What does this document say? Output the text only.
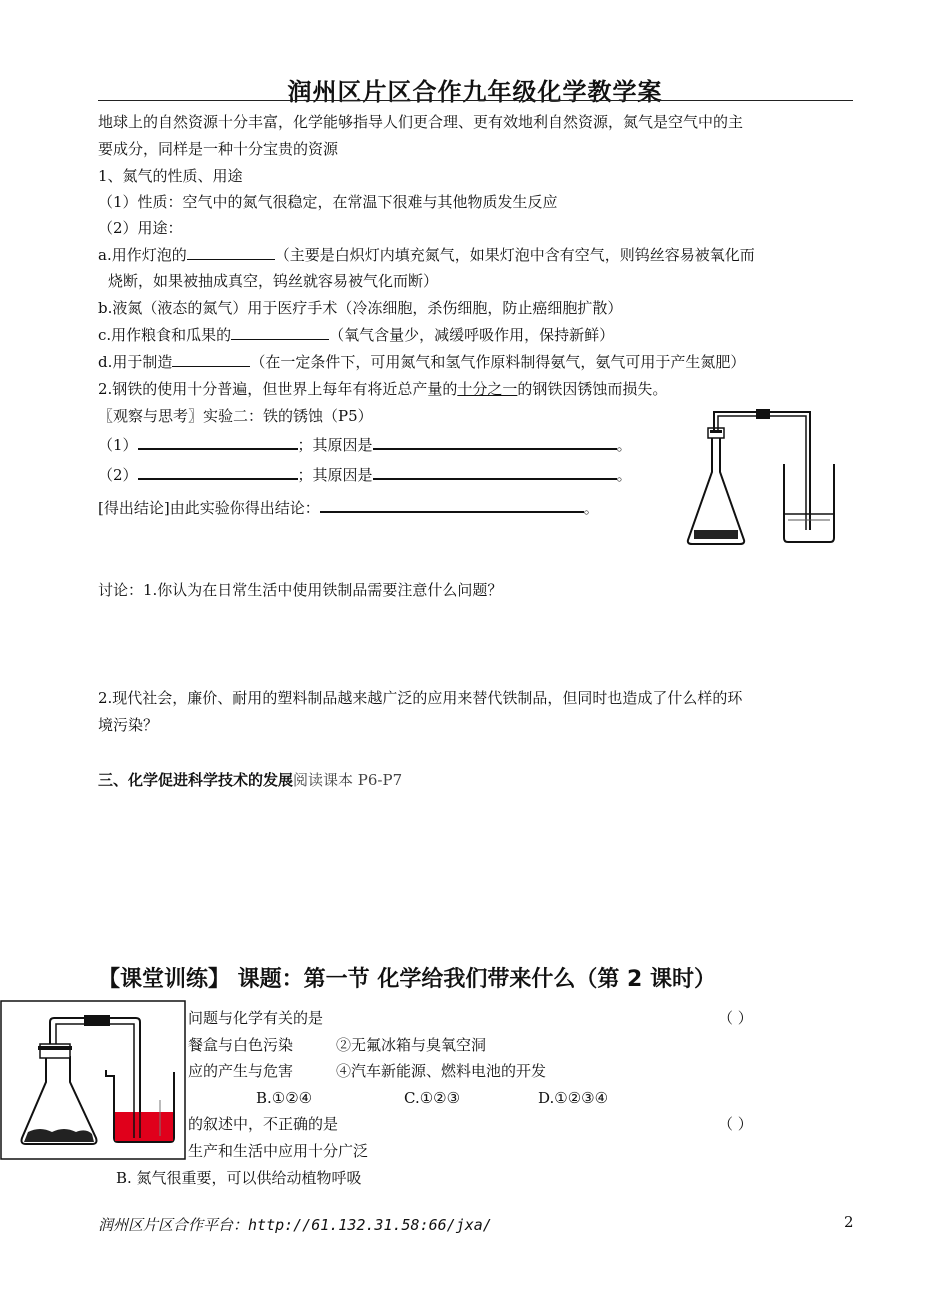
润州区片区合作九年级化学教学案
地球上的自然资源十分丰富，化学能够指导人们更合理、更有效地利自然资源，氮气是空气中的主
要成分，同样是一种十分宝贵的资源
1、氮气的性质、用途
（1）性质：空气中的氮气很稳定，在常温下很难与其他物质发生反应
（2）用途：
a.用作灯泡的	（主要是白炽灯内填充氮气，如果灯泡中含有空气，则钨丝容易被氧化而
烧断，如果被抽成真空，钨丝就容易被气化而断）
b.液氮（液态的氮气）用于医疗手术（冷冻细胞，杀伤细胞，防止癌细胞扩散）
c.用作粮食和瓜果的	（氧气含量少，减缓呼吸作用，保持新鲜）
d.用于制造	（在一定条件下，可用氮气和氢气作原料制得氨气，氨气可用于产生氮肥）
2.钢铁的使用十分普遍，但世界上每年有将近总产量的十分之一的钢铁因锈蚀而损失。
〖观察与思考〗实验二：铁的锈蚀（P5）
（1）	；其原因是	。
（2）	；其原因是	。
[得出结论]由此实验你得出结论：	。
讨论：1.你认为在日常生活中使用铁制品需要注意什么问题？
2.现代社会，廉价、耐用的塑料制品越来越广泛的应用来替代铁制品，但同时也造成了什么样的环
境污染？
三、化学促进科学技术的发展阅读课本 P6-P7
【课堂训练】 课题：第一节 化学给我们带来什么（第 2 课时）
问题与化学有关的是	（ ）
餐盒与白色污染	②无氟冰箱与臭氧空洞
应的产生与危害	④汽车新能源、燃料电池的开发
B.①②④	C.①②③	D.①②③④
的叙述中，不正确的是	（ ）
生产和生活中应用十分广泛
B. 氮气很重要，可以供给动植物呼吸
润州区片区合作平台：http://61.132.31.58:66/jxa/	2
